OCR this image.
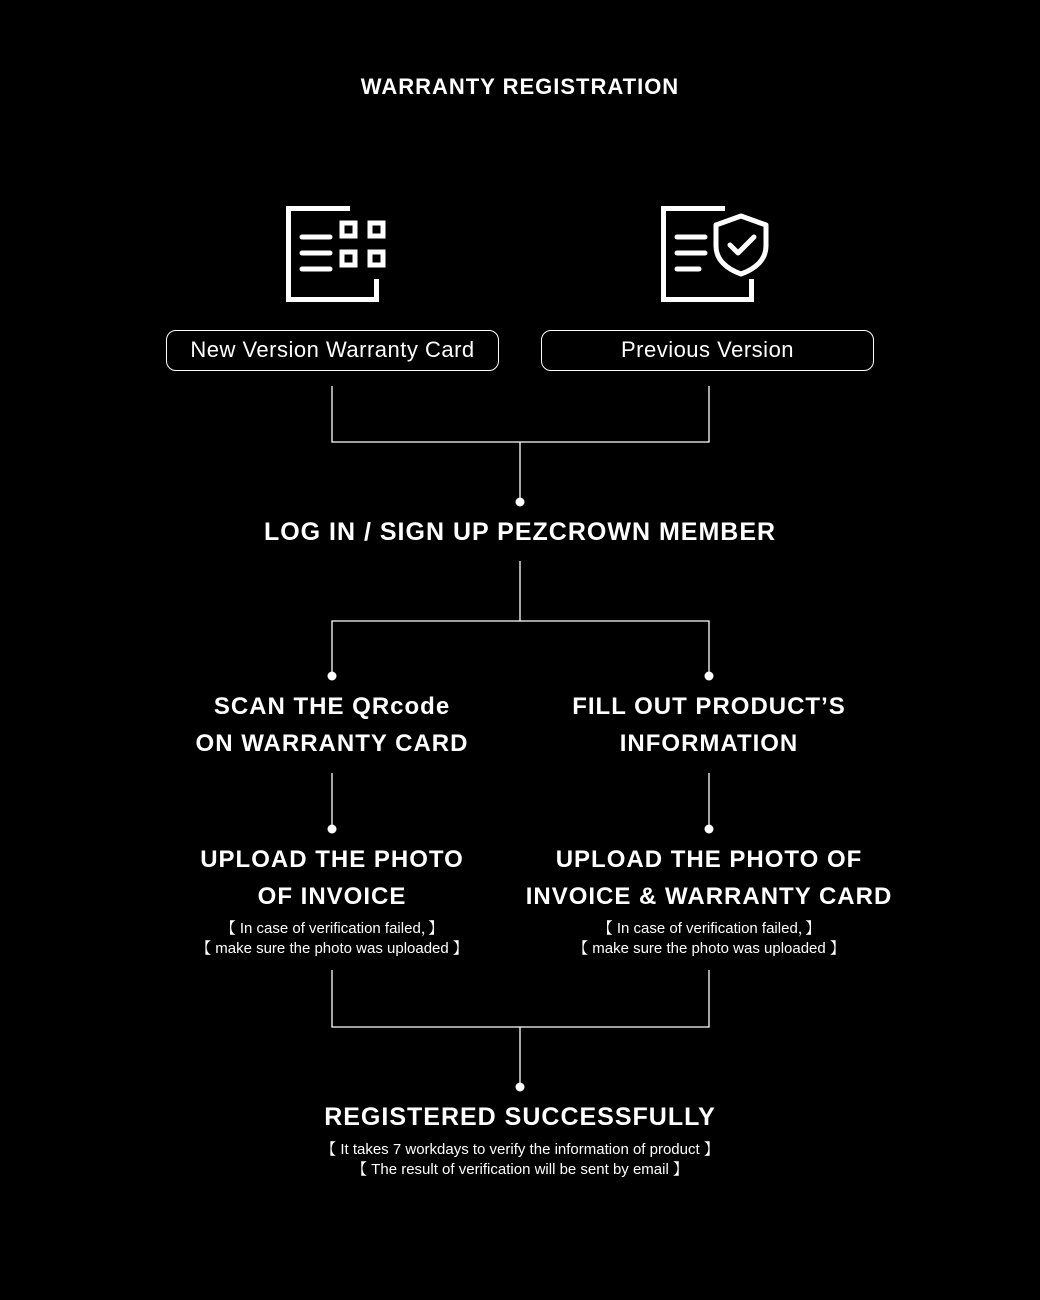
WARRANTY REGISTRATION
New Version Warranty Card	Previous Version
LOG IN / SIGN UP PEZCROWN MEMBER
SCAN THE QRcode
ON WARRANTY CARD
FILL OUT PRODUCT’S
INFORMATION
UPLOAD THE PHOTO
OF INVOICE
UPLOAD THE PHOTO OF
INVOICE & WARRANTY CARD
【 In case of verification failed，】
【 make sure the photo was uploaded 】
【 In case of verification failed，】
【 make sure the photo was uploaded 】
REGISTERED SUCCESSFULLY
【 It takes 7 workdays to verify the information of product 】
【 The result of verification will be sent by email 】
